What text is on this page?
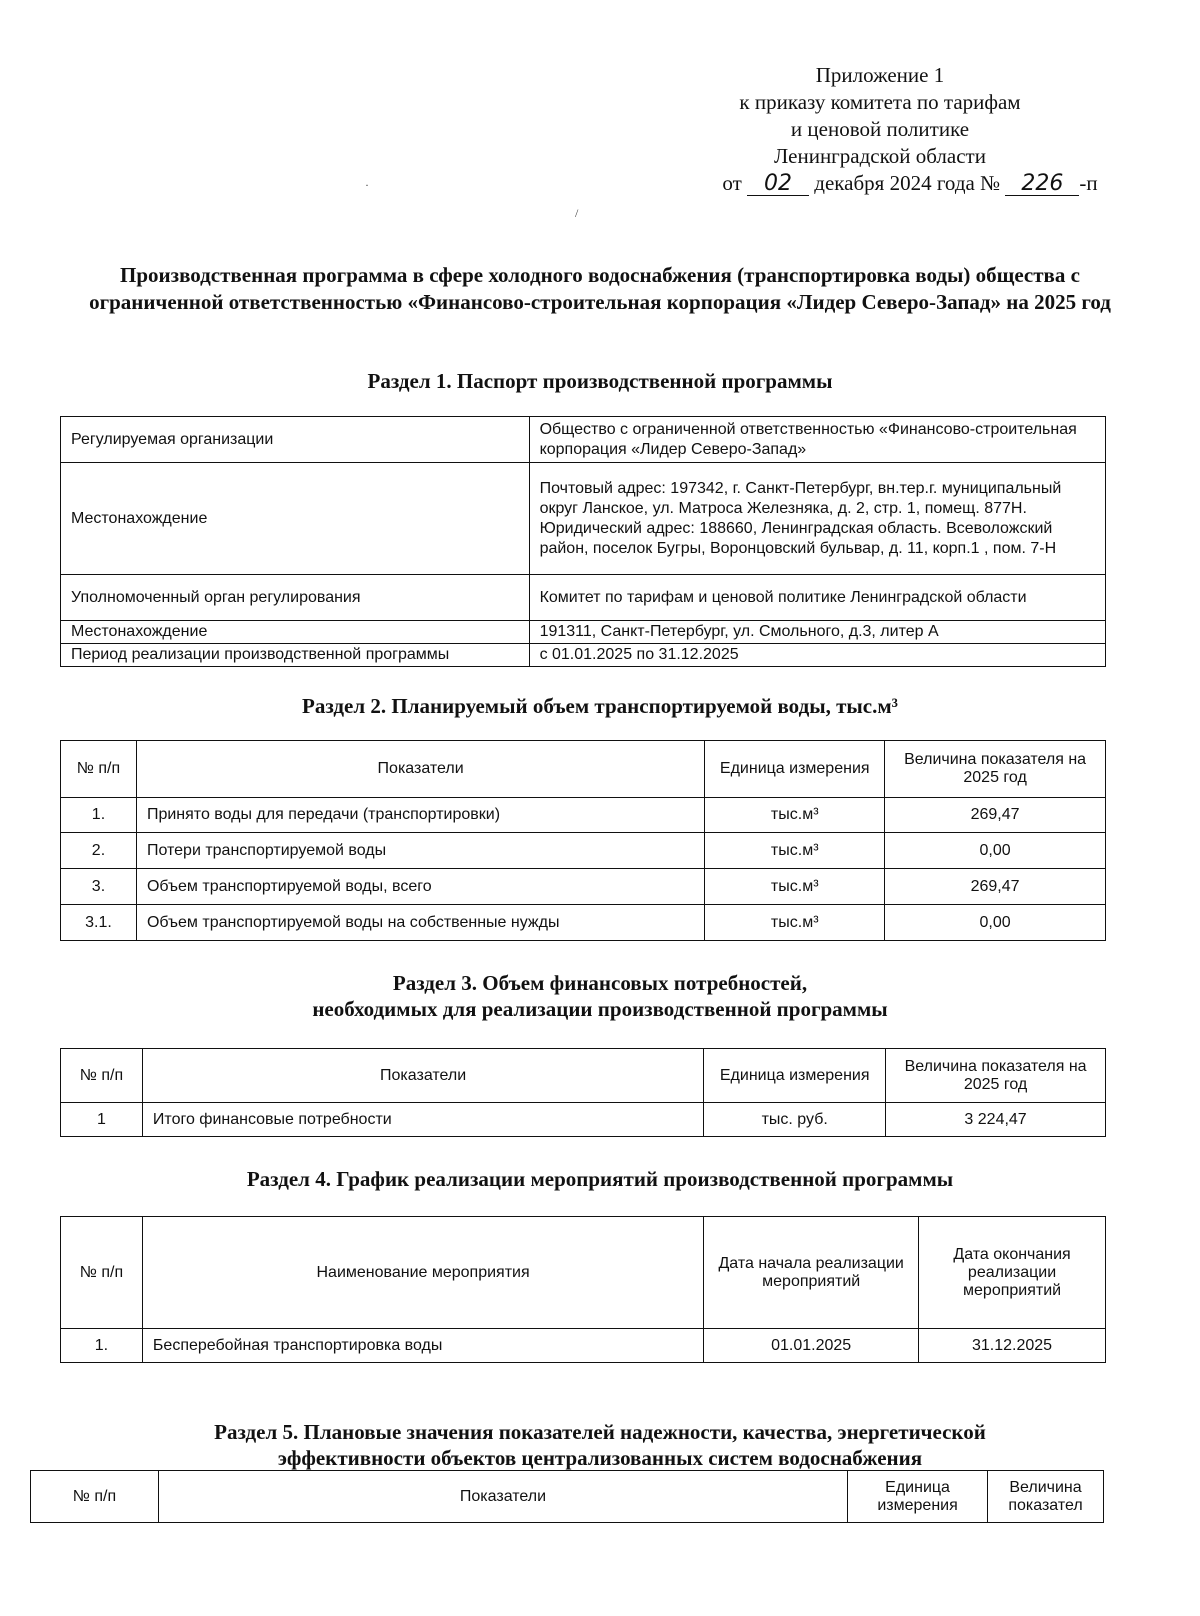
Приложение 1
к приказу комитета по тарифам
и ценовой политике
Ленинградской области
от 02 декабря 2024 года № 226 -п
·
/
Производственная программа в сфере холодного водоснабжения (транспортировка воды) общества с ограниченной ответственностью «Финансово-строительная корпорация «Лидер Северо-Запад» на 2025 год
Раздел 1. Паспорт производственной программы
Регулируемая организации	Общество с ограниченной ответственностью «Финансово-строительная корпорация «Лидер Северо-Запад»
Местонахождение	Почтовый адрес: 197342, г. Санкт-Петербург, вн.тер.г. муниципальный округ Ланское, ул. Матроса Железняка, д. 2, стр. 1, помещ. 877Н. Юридический адрес: 188660, Ленинградская область. Всеволожский район, поселок Бугры, Воронцовский бульвар, д. 11, корп.1 , пом. 7-Н
Уполномоченный орган регулирования	Комитет по тарифам и ценовой политике Ленинградской области
Местонахождение	191311, Санкт-Петербург, ул. Смольного, д.3, литер А
Период реализации производственной программы	с 01.01.2025 по 31.12.2025
Раздел 2. Планируемый объем транспортируемой воды, тыс.м³
№ п/п	Показатели	Единица измерения	Величина показателя на 2025 год
1.	Принято воды для передачи (транспортировки)	тыс.м³	269,47
2.	Потери транспортируемой воды	тыс.м³	0,00
3.	Объем транспортируемой воды, всего	тыс.м³	269,47
3.1.	Объем транспортируемой воды на собственные нужды	тыс.м³	0,00
Раздел 3. Объем финансовых потребностей,
необходимых для реализации производственной программы
№ п/п	Показатели	Единица измерения	Величина показателя на 2025 год
1	Итого финансовые потребности	тыс. руб.	3 224,47
Раздел 4. График реализации мероприятий производственной программы
№ п/п	Наименование мероприятия	Дата начала реализации мероприятий	Дата окончания реализации мероприятий
1.	Бесперебойная транспортировка воды	01.01.2025	31.12.2025
Раздел 5. Плановые значения показателей надежности, качества, энергетической
эффективности объектов централизованных систем водоснабжения
№ п/п	Показатели	Единица измерения	Величина показател
